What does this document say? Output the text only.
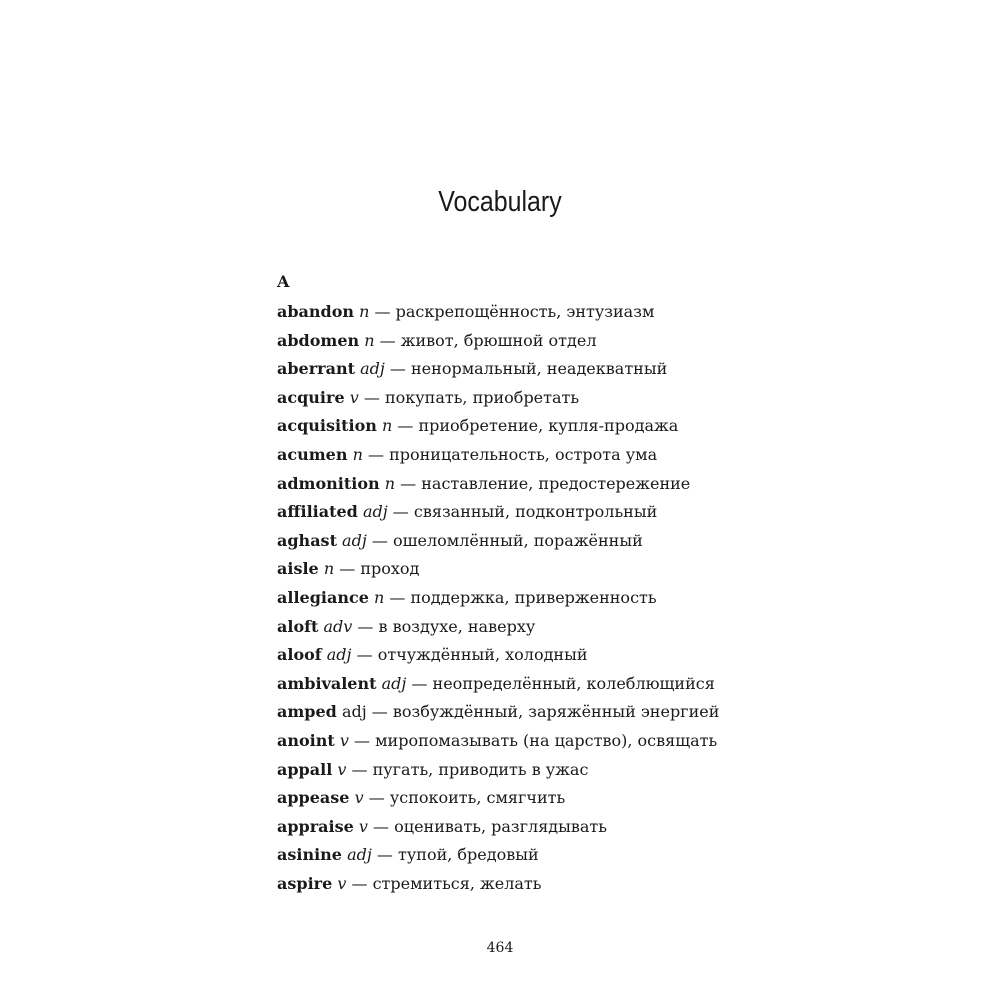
Vocabulary

A

abandon n — раскрепощённость, энтузиазм
abdomen n — живот, брюшной отдел
aberrant adj — ненормальный, неадекватный
acquire v — покупать, приобретать
acquisition n — приобретение, купля-продажа
acumen n — проницательность, острота ума
admonition n — наставление, предостережение
affiliated adj — связанный, подконтрольный
aghast adj — ошеломлённый, поражённый
aisle n — проход
allegiance n — поддержка, приверженность
aloft adv — в воздухе, наверху
aloof adj — отчуждённый, холодный
ambivalent adj — неопределённый, колеблющийся
amped adj — возбуждённый, заряжённый энергией
anoint v — миропомазывать (на царство), освящать
appall v — пугать, приводить в ужас
appease v — успокоить, смягчить
appraise v — оценивать, разглядывать
asinine adj — тупой, бредовый
aspire v — стремиться, желать

464
